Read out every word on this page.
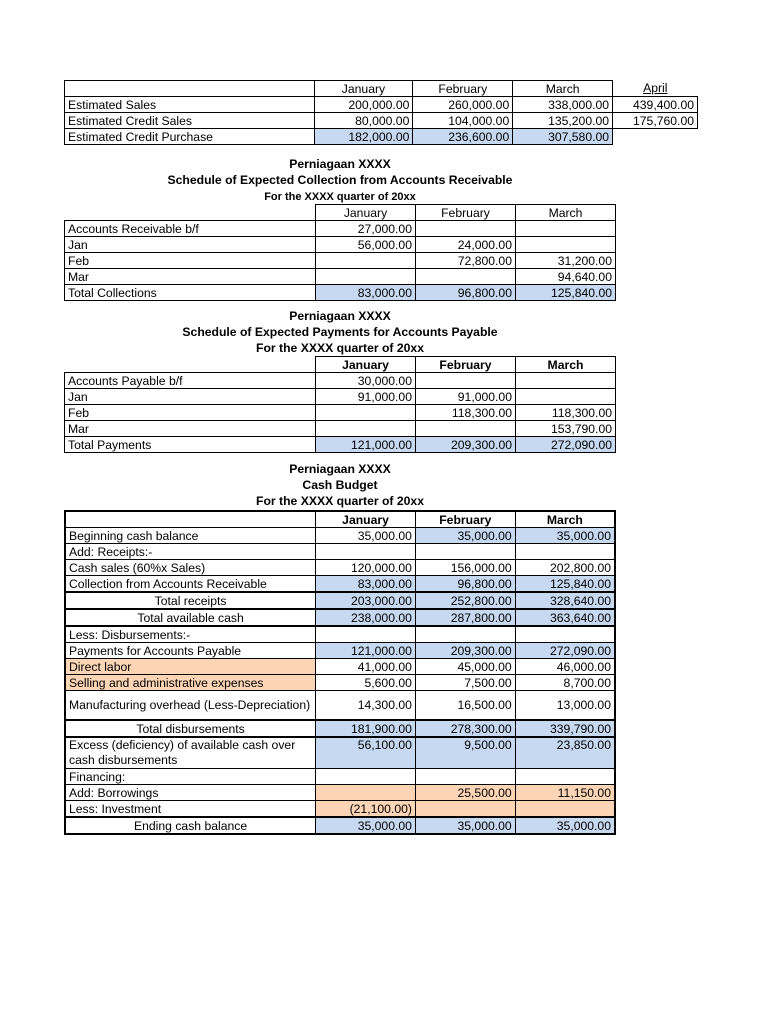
	January	February	March	April
Estimated Sales	200,000.00	260,000.00	338,000.00	439,400.00
Estimated Credit Sales	80,000.00	104,000.00	135,200.00	175,760.00
Estimated Credit Purchase	182,000.00	236,600.00	307,580.00	
Perniagaan XXXX
Schedule of Expected Collection from Accounts Receivable
For the XXXX quarter of 20xx
	January	February	March
Accounts Receivable b/f	27,000.00		
Jan	56,000.00	24,000.00	
Feb		72,800.00	31,200.00
Mar			94,640.00
Total Collections	83,000.00	96,800.00	125,840.00
Perniagaan XXXX
Schedule of Expected Payments for Accounts Payable
For the XXXX quarter of 20xx
	January	February	March
Accounts Payable b/f	30,000.00		
Jan	91,000.00	91,000.00	
Feb		118,300.00	118,300.00
Mar			153,790.00
Total Payments	121,000.00	209,300.00	272,090.00
Perniagaan XXXX
Cash Budget
For the XXXX quarter of 20xx
	January	February	March
Beginning cash balance	35,000.00	35,000.00	35,000.00
Add: Receipts:-			
Cash sales (60%x Sales)	120,000.00	156,000.00	202,800.00
Collection from Accounts Receivable	83,000.00	96,800.00	125,840.00
Total receipts	203,000.00	252,800.00	328,640.00
Total available cash	238,000.00	287,800.00	363,640.00
Less: Disbursements:-			
Payments for Accounts Payable	121,000.00	209,300.00	272,090.00
Direct labor	41,000.00	45,000.00	46,000.00
Selling and administrative expenses	5,600.00	7,500.00	8,700.00
Manufacturing overhead (Less-Depreciation)	14,300.00	16,500.00	13,000.00
Total disbursements	181,900.00	278,300.00	339,790.00
Excess (deficiency) of available cash over cash disbursements	56,100.00	9,500.00	23,850.00
Financing:			
Add: Borrowings		25,500.00	11,150.00
Less: Investment	(21,100.00)		
Ending cash balance	35,000.00	35,000.00	35,000.00
